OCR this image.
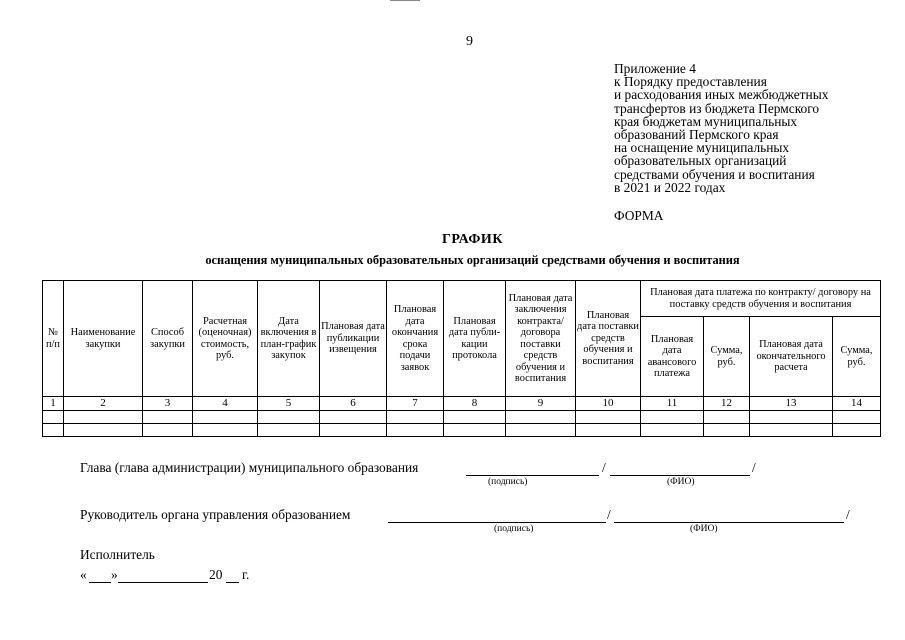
9
Приложение 4
к Порядку предоставления
и расходования иных межбюджетных
трансфертов из бюджета Пермского
края бюджетам муниципальных
образований Пермского края
на оснащение муниципальных
образовательных организаций
средствами обучения и воспитания
в 2021 и 2022 годах
ФОРМА
ГРАФИК
оснащения муниципальных образовательных организаций средствами обучения и воспитания
№ п/п	Наименование закупки	Способ закупки	Расчетная (оценочная) стоимость, руб.	Дата включения в план-график закупок	Плановая дата публикации извещения	Плановая дата окончания срока подачи заявок	Плановая дата публи-кации протокола	Плановая дата заключения контракта/ договора поставки средств обучения и воспитания	Плановая дата поставки средств обучения и воспитания	Плановая дата платежа по контракту/ договору на поставку средств обучения и воспитания			
										Плановая дата авансового платежа	Сумма, руб.	Плановая дата окончательного расчета	Сумма, руб.
1	2	3	4	5	6	7	8	9	10	11	12	13	14

Глава (глава администрации) муниципального образования	/	/
(подпись)	(ФИО)
Руководитель органа управления образованием	/	/
(подпись)	(ФИО)
Исполнитель
« »	20 г.
